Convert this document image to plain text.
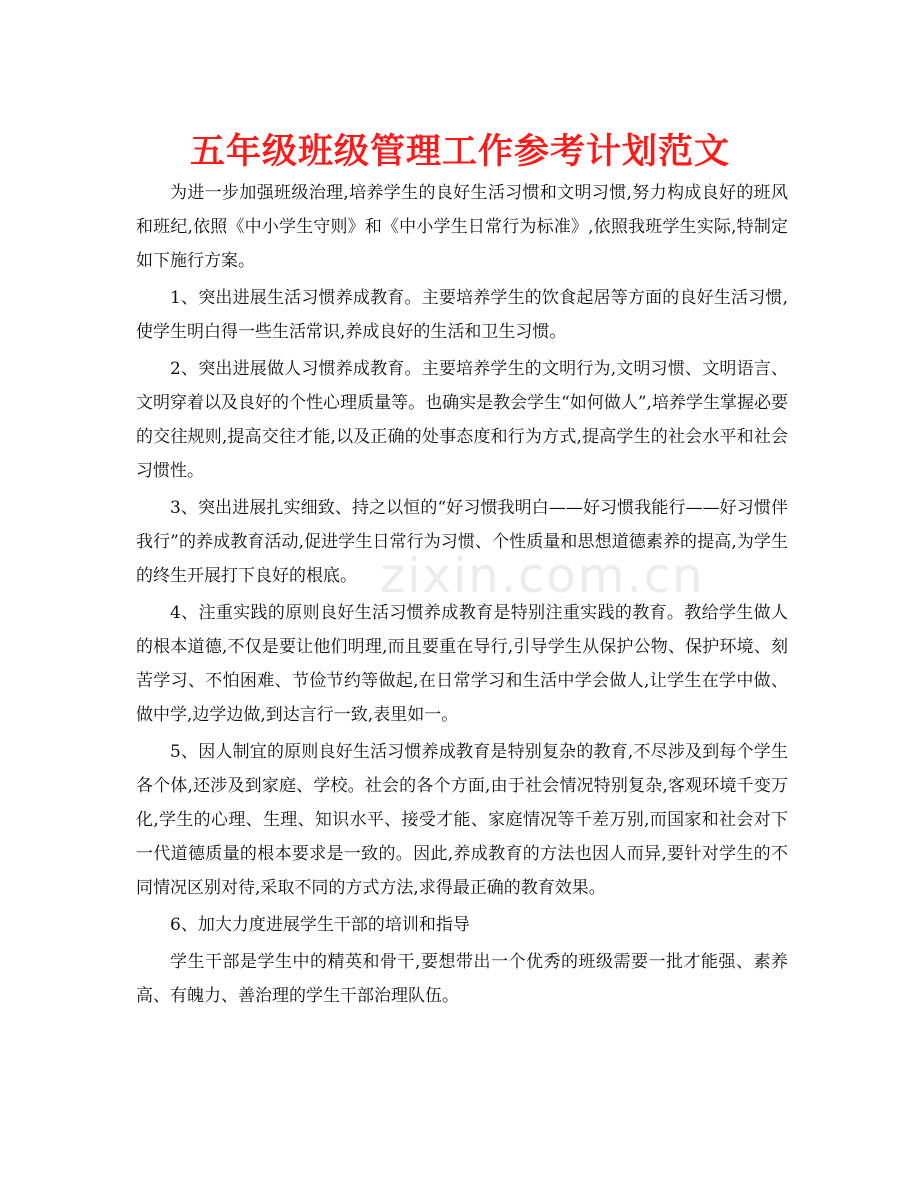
zixin.com.cn
五年级班级管理工作参考计划范文

为进一步加强班级治理,培养学生的良好生活习惯和文明习惯,努力构成良好的班风和班纪,依照《中小学生守则》和《中小学生日常行为标准》,依照我班学生实际,特制定如下施行方案。

1、突出进展生活习惯养成教育。主要培养学生的饮食起居等方面的良好生活习惯,使学生明白得一些生活常识,养成良好的生活和卫生习惯。

2、突出进展做人习惯养成教育。主要培养学生的文明行为,文明习惯、文明语言、文明穿着以及良好的个性心理质量等。也确实是教会学生“如何做人”,培养学生掌握必要的交往规则,提高交往才能,以及正确的处事态度和行为方式,提高学生的社会水平和社会习惯性。

3、突出进展扎实细致、持之以恒的“好习惯我明白——好习惯我能行——好习惯伴我行”的养成教育活动,促进学生日常行为习惯、个性质量和思想道德素养的提高,为学生的终生开展打下良好的根底。

4、注重实践的原则良好生活习惯养成教育是特别注重实践的教育。教给学生做人的根本道德,不仅是要让他们明理,而且要重在导行,引导学生从保护公物、保护环境、刻苦学习、不怕困难、节俭节约等做起,在日常学习和生活中学会做人,让学生在学中做、做中学,边学边做,到达言行一致,表里如一。

5、因人制宜的原则良好生活习惯养成教育是特别复杂的教育,不尽涉及到每个学生各个体,还涉及到家庭、学校。社会的各个方面,由于社会情况特别复杂,客观环境千变万化,学生的心理、生理、知识水平、接受才能、家庭情况等千差万别,而国家和社会对下一代道德质量的根本要求是一致的。因此,养成教育的方法也因人而异,要针对学生的不同情况区别对待,采取不同的方式方法,求得最正确的教育效果。

6、加大力度进展学生干部的培训和指导

学生干部是学生中的精英和骨干,要想带出一个优秀的班级需要一批才能强、素养高、有魄力、善治理的学生干部治理队伍。
